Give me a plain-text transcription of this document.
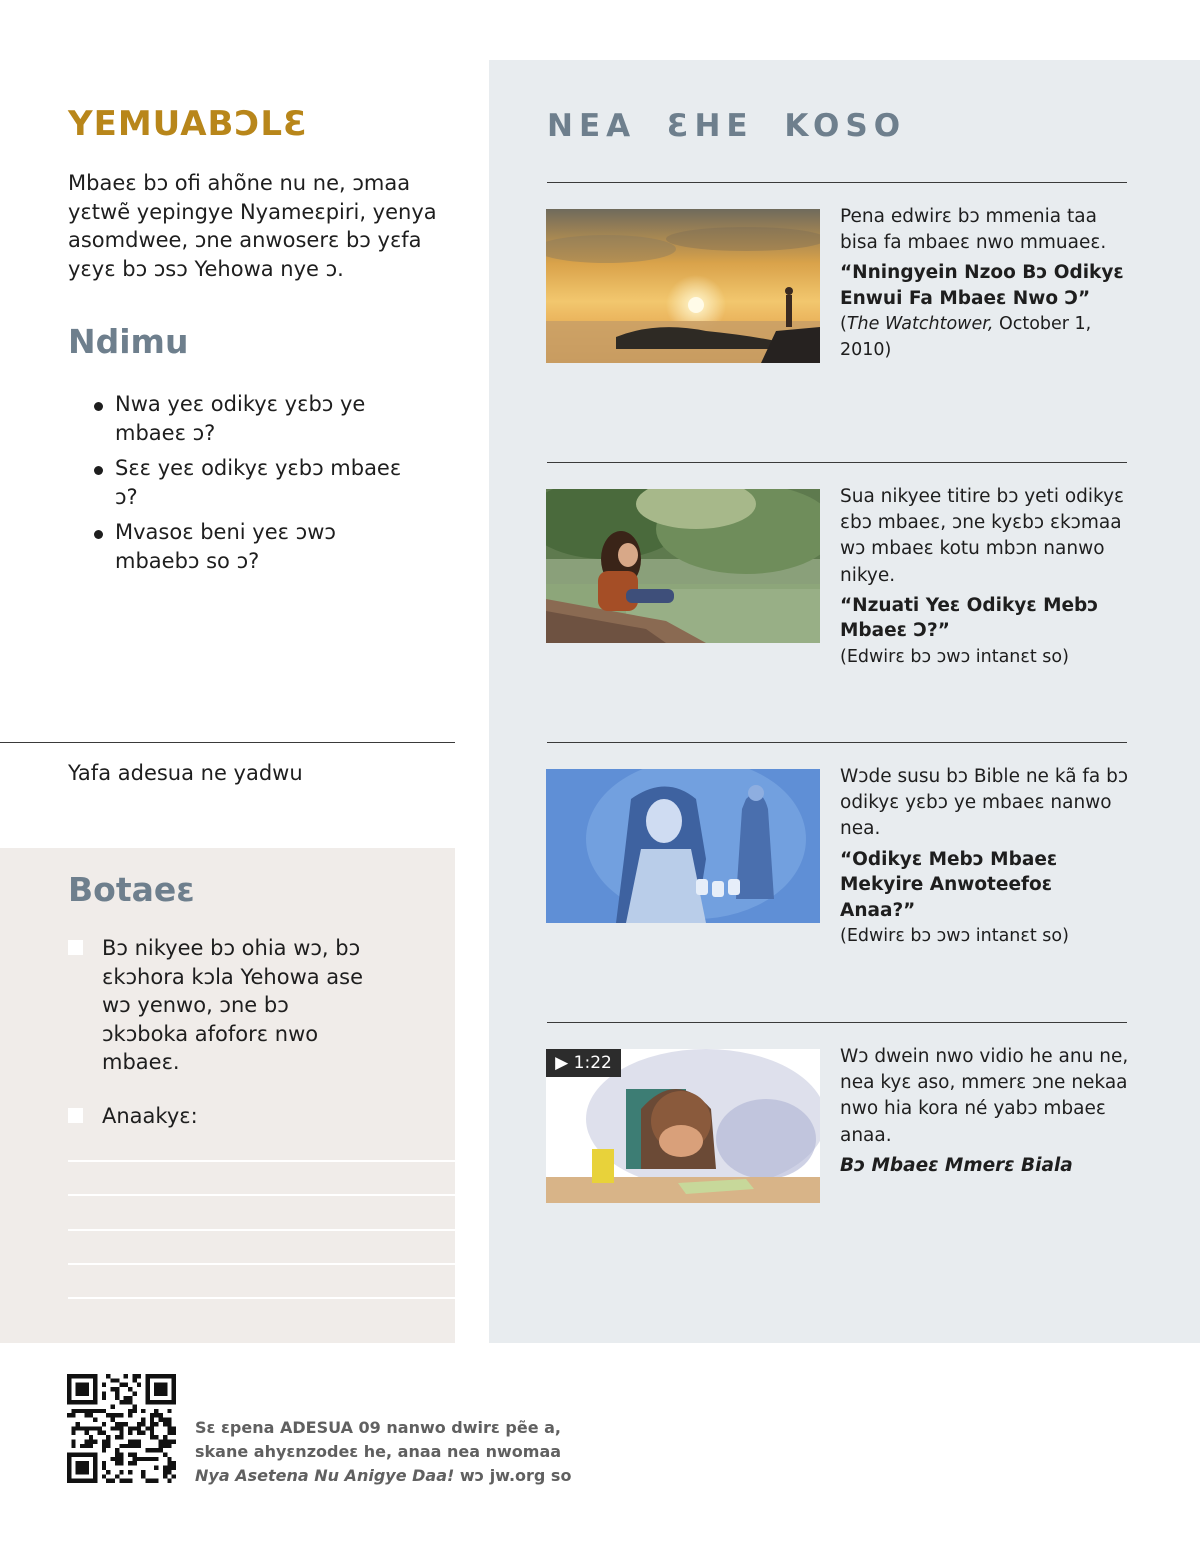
YEMUABƆLƐ

Mbaeɛ bɔ ofi ahõne nu ne, ɔmaa yɛtwẽ yepingye Nyameɛpiri, yenya asomdwee, ɔne anwoserɛ bɔ yɛfa yɛyɛ bɔ ɔsɔ Yehowa nye ɔ.

Ndimu
Nwa yeɛ odikyɛ yɛbɔ ye mbaeɛ ɔ?
Sɛɛ yeɛ odikyɛ yɛbɔ mbaeɛ ɔ?
Mvasoɛ beni yeɛ ɔwɔ mbaebɔ so ɔ?

Yafa adesua ne yadwu

Botaeɛ
Bɔ nikyee bɔ ohia wɔ, bɔ ɛkɔhora kɔla Yehowa ase wɔ yenwo, ɔne bɔ ɔkɔboka afoforɛ nwo mbaeɛ.
Anaakyɛ:
NEA ƐHE KOSO

Pena edwirɛ bɔ mmenia taa bisa fa mbaeɛ nwo mmuaeɛ.

“Nningyein Nzoo Bɔ Odikyɛ Enwui Fa Mbaeɛ Nwo Ɔ”

(The Watchtower, October 1, 2010)

Sua nikyee titire bɔ yeti odikyɛ ɛbɔ mbaeɛ, ɔne kyɛbɔ ɛkɔmaa wɔ mbaeɛ kotu mbɔn nanwo nikye.

“Nzuati Yeɛ Odikyɛ Mebɔ Mbaeɛ Ɔ?”

(Edwirɛ bɔ ɔwɔ intanɛt so)

Wɔde susu bɔ Bible ne kã fa bɔ odikyɛ yɛbɔ ye mbaeɛ nanwo nea.

“Odikyɛ Mebɔ Mbaeɛ Mekyire Anwoteefoɛ Anaa?”

(Edwirɛ bɔ ɔwɔ intanɛt so)

▶ 1:22	Wɔ dwein nwo vidio he anu ne, nea kyɛ aso, mmerɛ ɔne nekaa nwo hia kora né yabɔ mbaeɛ anaa.

Bɔ Mbaeɛ Mmerɛ Biala

Sɛ ɛpena ADESUA 09 nanwo dwirɛ pẽe a,
skane ahyɛnzodeɛ he, anaa nea nwomaa
Nya Asetena Nu Anigye Daa! wɔ jw.org so
